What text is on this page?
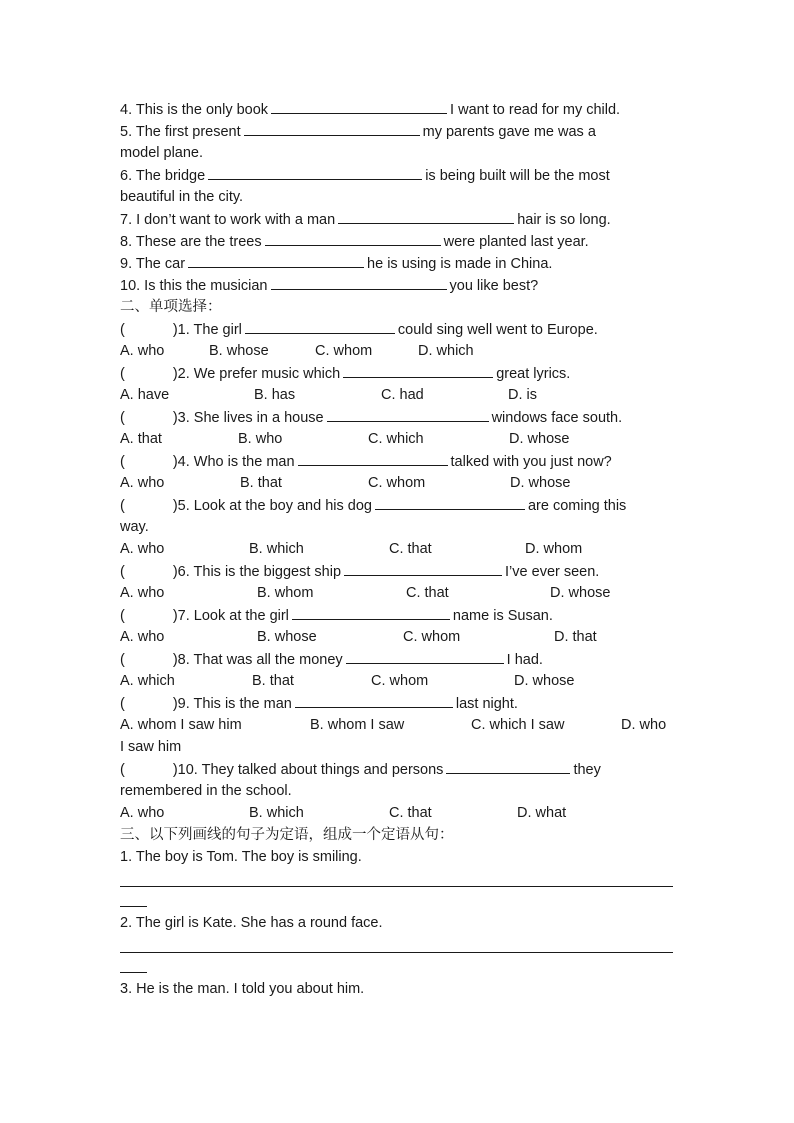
4. This is the only book	I want to read for my child.
5. The first present	my parents gave me was a
model plane.
6. The bridge	is being built will be the most
beautiful in the city.
7. I don’t want to work with a man	hair is so long.
8. These are the trees	were planted last year.
9. The car	he is using is made in China.
10. Is this the musician	you like best?
二、单项选择：
(	)1. The girl	could sing well went to Europe.
A. who	B. whose	C. whom	D. which
(	)2. We prefer music which	great lyrics.
A. have	B. has	C. had	D. is
(	)3. She lives in a house	windows face south.
A. that	B. who	C. which	D. whose
(	)4. Who is the man	talked with you just now?
A. who	B. that	C. whom	D. whose
(	)5. Look at the boy and his dog	are coming this
way.
A. who	B. which	C. that	D. whom
(	)6. This is the biggest ship	I’ve ever seen.
A. who	B. whom	C. that	D. whose
(	)7. Look at the girl	name is Susan.
A. who	B. whose	C. whom	D. that
(	)8. That was all the money	I had.
A. which	B. that	C. whom	D. whose
(	)9. This is the man	last night.
A. whom I saw him	B. whom I saw	C. which I saw	D. who
I saw him
(	)10. They talked about things and persons	they
remembered in the school.
A. who	B. which	C. that	D. what
三、以下列画线的句子为定语，组成一个定语从句：
1. The boy is Tom. The boy is smiling.
2. The girl is Kate. She has a round face.
3. He is the man. I told you about him.
